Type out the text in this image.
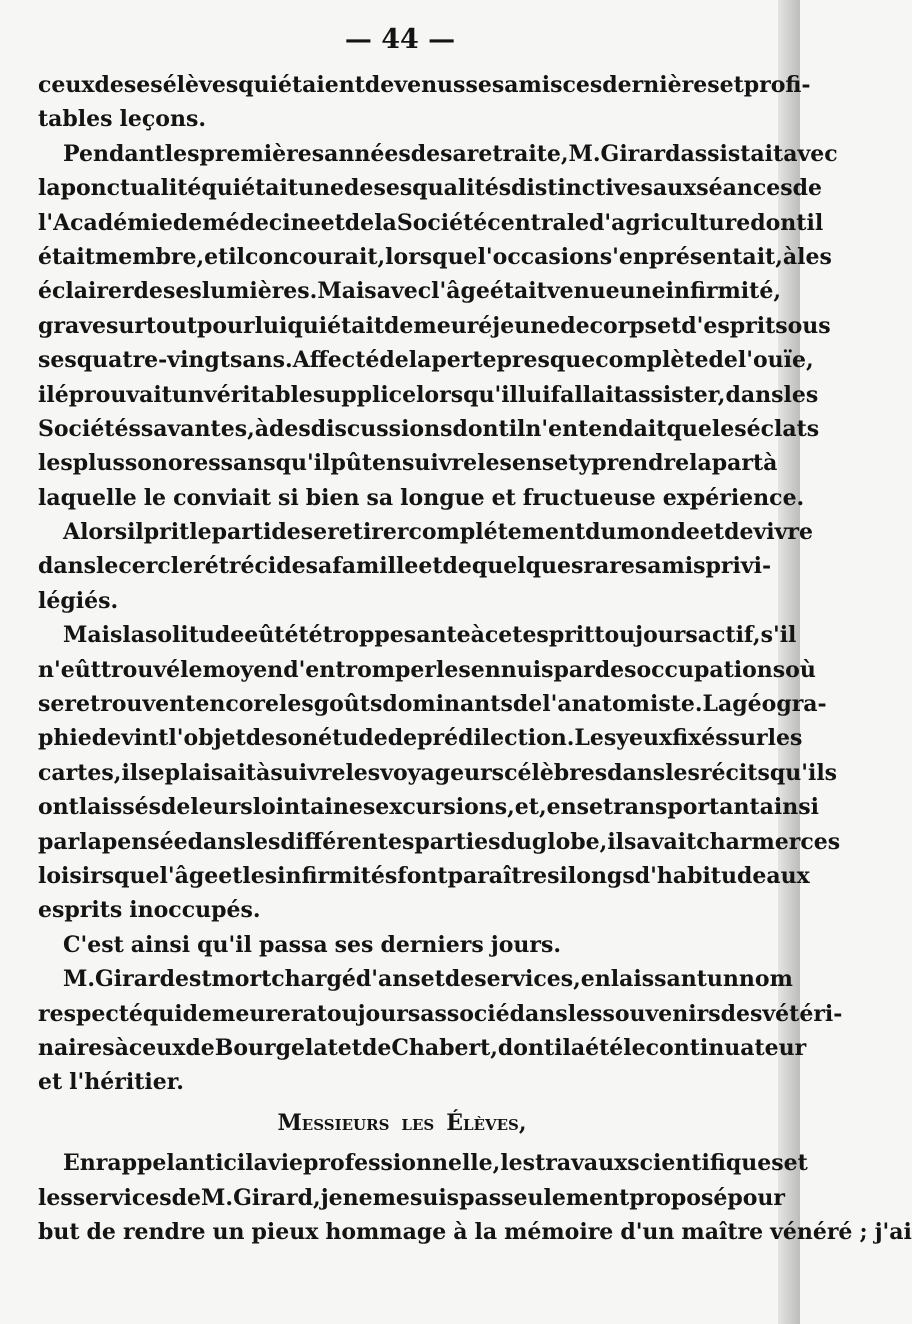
— 44 —
ceux de ses élèves qui étaient devenus ses amis ces dernières et profi-
tables leçons.
Pendant les premières années de sa retraite, M. Girard assistait avec
la ponctualité qui était une de ses qualités distinctives aux séances de
l'Académie de médecine et de la Société centrale d'agriculture dont il
était membre, et il concourait, lorsque l'occasion s'en présentait, à les
éclairer de ses lumières. Mais avec l'âge était venue une infirmité,
grave surtout pour lui qui était demeuré jeune de corps et d'esprit sous
ses quatre-vingts ans. Affecté de la perte presque complète de l'ouïe,
il éprouvait un véritable supplice lorsqu'il lui fallait assister, dans les
Sociétés savantes, à des discussions dont il n'entendait que les éclats
les plus sonores sans qu'il pût en suivre le sens et y prendre la part à
laquelle le conviait si bien sa longue et fructueuse expérience.
Alors il prit le parti de se retirer complétement du monde et de vivre
dans le cercle rétréci de sa famille et de quelques rares amis privi-
légiés.
Mais la solitude eût été trop pesante à cet esprit toujours actif, s'il
n'eût trouvé le moyen d'en tromper les ennuis par des occupations où
se retrouvent encore les goûts dominants de l'anatomiste. La géogra-
phie devint l'objet de son étude de prédilection. Les yeux fixés sur les
cartes, il se plaisait à suivre les voyageurs célèbres dans les récits qu'ils
ont laissés de leurs lointaines excursions, et, en se transportant ainsi
par la pensée dans les différentes parties du globe, il savait charmer ces
loisirs que l'âge et les infirmités font paraître si longs d'habitude aux
esprits inoccupés.
C'est ainsi qu'il passa ses derniers jours.
M. Girard est mort chargé d'ans et de services, en laissant un nom
respecté qui demeurera toujours associé dans les souvenirs des vétéri-
naires à ceux de Bourgelat et de Chabert, dont il a été le continuateur
et l'héritier.
Messieurs les Élèves,
En rappelant ici la vie professionnelle, les travaux scientifiques et
les services de M. Girard, je ne me suis pas seulement proposé pour
but de rendre un pieux hommage à la mémoire d'un maître vénéré ; j'ai
